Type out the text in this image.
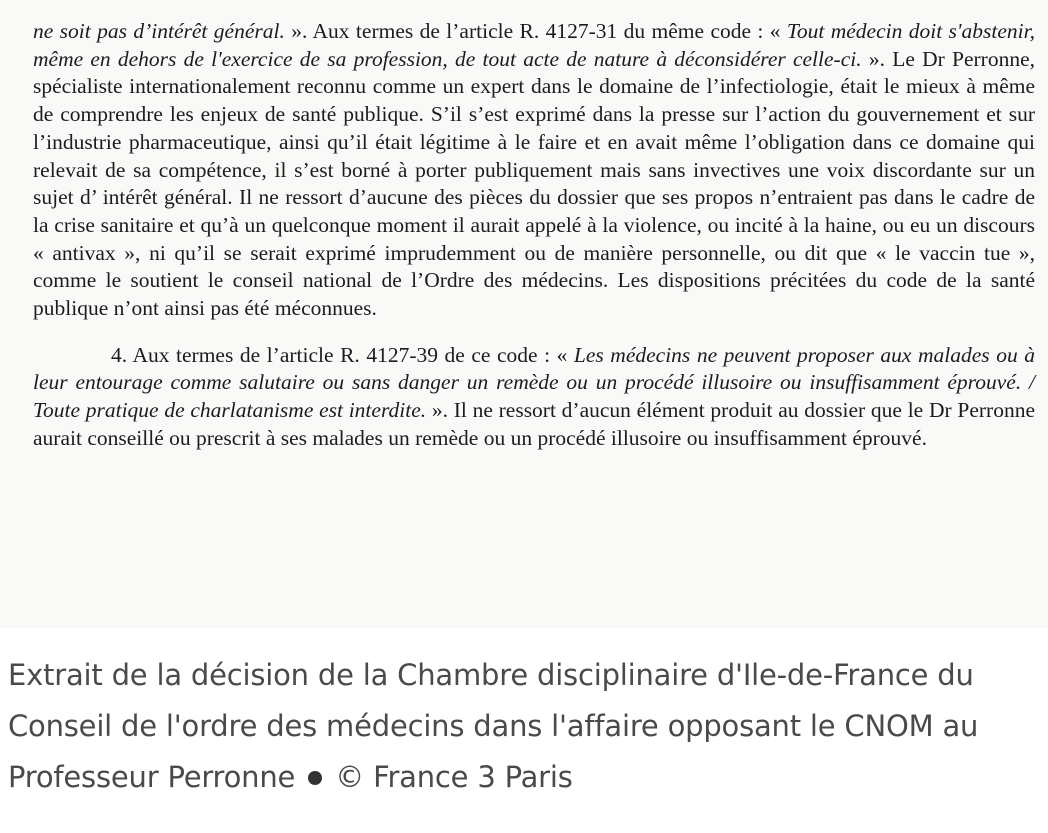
ne soit pas d’intérêt général. ». Aux termes de l’article R. 4127-31 du même code : « Tout médecin doit s'abstenir, même en dehors de l'exercice de sa profession, de tout acte de nature à déconsidérer celle-ci. ». Le Dr Perronne, spécialiste internationalement reconnu comme un expert dans le domaine de l’infectiologie, était le mieux à même de comprendre les enjeux de santé publique. S’il s’est exprimé dans la presse sur l’action du gouvernement et sur l’industrie pharmaceutique, ainsi qu’il était légitime à le faire et en avait même l’obligation dans ce domaine qui relevait de sa compétence, il s’est borné à porter publiquement mais sans invectives une voix discordante sur un sujet d’ intérêt général. Il ne ressort d’aucune des pièces du dossier que ses propos n’entraient pas dans le cadre de la crise sanitaire et qu’à un quelconque moment il aurait appelé à la violence, ou incité à la haine, ou eu un discours « antivax », ni qu’il se serait exprimé imprudemment ou de manière personnelle, ou dit que « le vaccin tue », comme le soutient le conseil national de l’Ordre des médecins. Les dispositions précitées du code de la santé publique n’ont ainsi pas été méconnues.

4. Aux termes de l’article R. 4127-39 de ce code : « Les médecins ne peuvent proposer aux malades ou à leur entourage comme salutaire ou sans danger un remède ou un procédé illusoire ou insuffisamment éprouvé. / Toute pratique de charlatanisme est interdite. ». Il ne ressort d’aucun élément produit au dossier que le Dr Perronne aurait conseillé ou prescrit à ses malades un remède ou un procédé illusoire ou insuffisamment éprouvé.

Extrait de la décision de la Chambre disciplinaire d'Ile-de-France du Conseil de l'ordre des médecins dans l'affaire opposant le CNOM au Professeur Perronne © France 3 Paris
